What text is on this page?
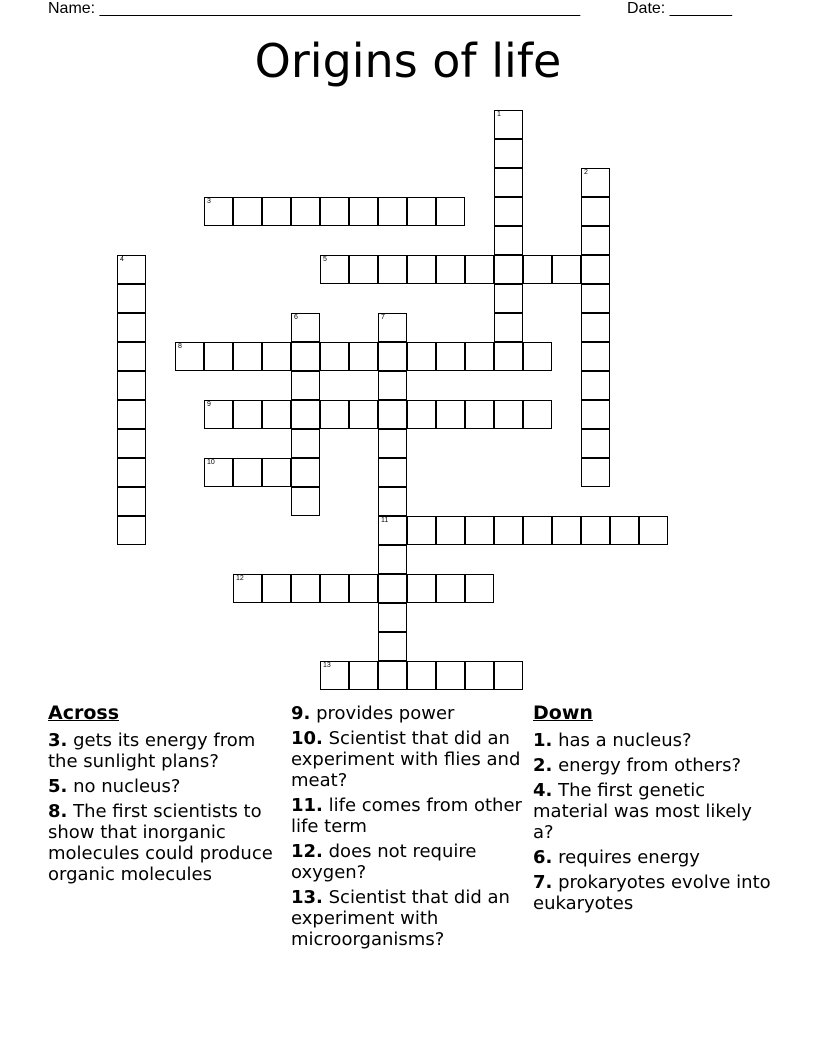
Name: ______________________________________________________	Date: _______
Origins of life
1
2
3
4	5
6	7
11
8
9
10
12
13
Across
3. gets its energy from the sunlight plans?
5. no nucleus?
8. The first scientists to show that inorganic molecules could produce organic molecules
9. provides power
10. Scientist that did an experiment with flies and meat?
11. life comes from other life term
12. does not require oxygen?
13. Scientist that did an experiment with microorganisms?
Down
1. has a nucleus?
2. energy from others?
4. The first genetic material was most likely a?
6. requires energy
7. prokaryotes evolve into eukaryotes
